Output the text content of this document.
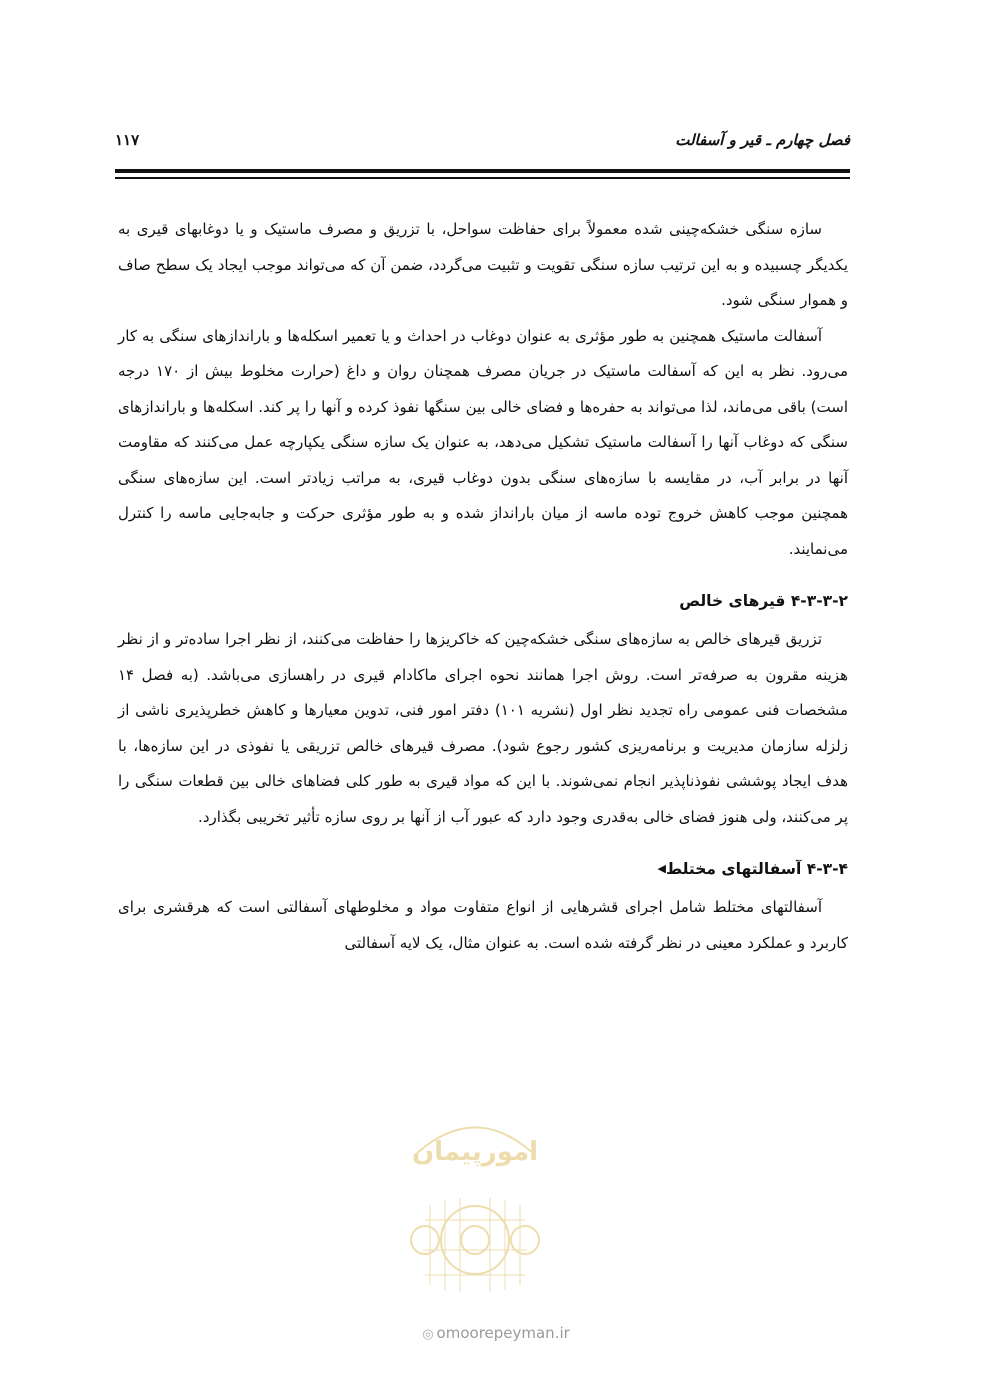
فصل چهارم ـ قیر و آسفالت
۱۱۷

سازه سنگی خشکه‌چینی شده معمولاً برای حفاظت سواحل، با تزریق و مصرف ماستیک و یا دوغابهای قیری به یکدیگر چسبیده و به این ترتیب سازه سنگی تقویت و تثبیت می‌گردد، ضمن آن که می‌تواند موجب ایجاد یک سطح صاف و هموار سنگی شود.

آسفالت ماستیک همچنین به طور مؤثری به عنوان دوغاب در احداث و یا تعمیر اسکله‌ها و باراندازهای سنگی به کار می‌رود. نظر به این که آسفالت ماستیک در جریان مصرف همچنان روان و داغ (حرارت مخلوط بیش از ۱۷۰ درجه است) باقی می‌ماند، لذا می‌تواند به حفره‌ها و فضای خالی بین سنگها نفوذ کرده و آنها را پر کند. اسکله‌ها و باراندازهای سنگی که دوغاب آنها را آسفالت ماستیک تشکیل می‌دهد، به عنوان یک سازه سنگی یکپارچه عمل می‌کنند که مقاومت آنها در برابر آب، در مقایسه با سازه‌های سنگی بدون دوغاب قیری، به مراتب زیادتر است. این سازه‌های سنگی همچنین موجب کاهش خروج توده ماسه از میان بارانداز شده و به طور مؤثری حرکت و جابه‌جایی ماسه را کنترل می‌نمایند.

۴-۳-۳-۲ قیرهای خالص

تزریق قیرهای خالص به سازه‌های سنگی خشکه‌چین که خاکریزها را حفاظت می‌کنند، از نظر اجرا ساده‌تر و از نظر هزینه مقرون به صرفه‌تر است. روش اجرا همانند نحوه اجرای ماکادام قیری در راهسازی می‌باشد. (به فصل ۱۴ مشخصات فنی عمومی راه تجدید نظر اول (نشریه ۱۰۱) دفتر امور فنی، تدوین معیارها و کاهش خطرپذیری ناشی از زلزله سازمان مدیریت و برنامه‌ریزی کشور رجوع شود). مصرف قیرهای خالص تزریقی یا نفوذی در این سازه‌ها، با هدف ایجاد پوششی نفوذناپذیر انجام نمی‌شوند. با این که مواد قیری به طور کلی فضاهای خالی بین قطعات سنگی را پر می‌کنند، ولی هنوز فضای خالی به‌قدری وجود دارد که عبور آب از آنها بر روی سازه تأثیر تخریبی بگذارد.

۴-۳-۴ آسفالتهای مختلط◀

آسفالتهای مختلط شامل اجرای قشرهایی از انواع متفاوت مواد و مخلوطهای آسفالتی است که هرقشری برای کاربرد و عملکرد معینی در نظر گرفته شده است. به عنوان مثال، یک لایه آسفالتی

امورپیمان
◎ omoorepeyman.ir
